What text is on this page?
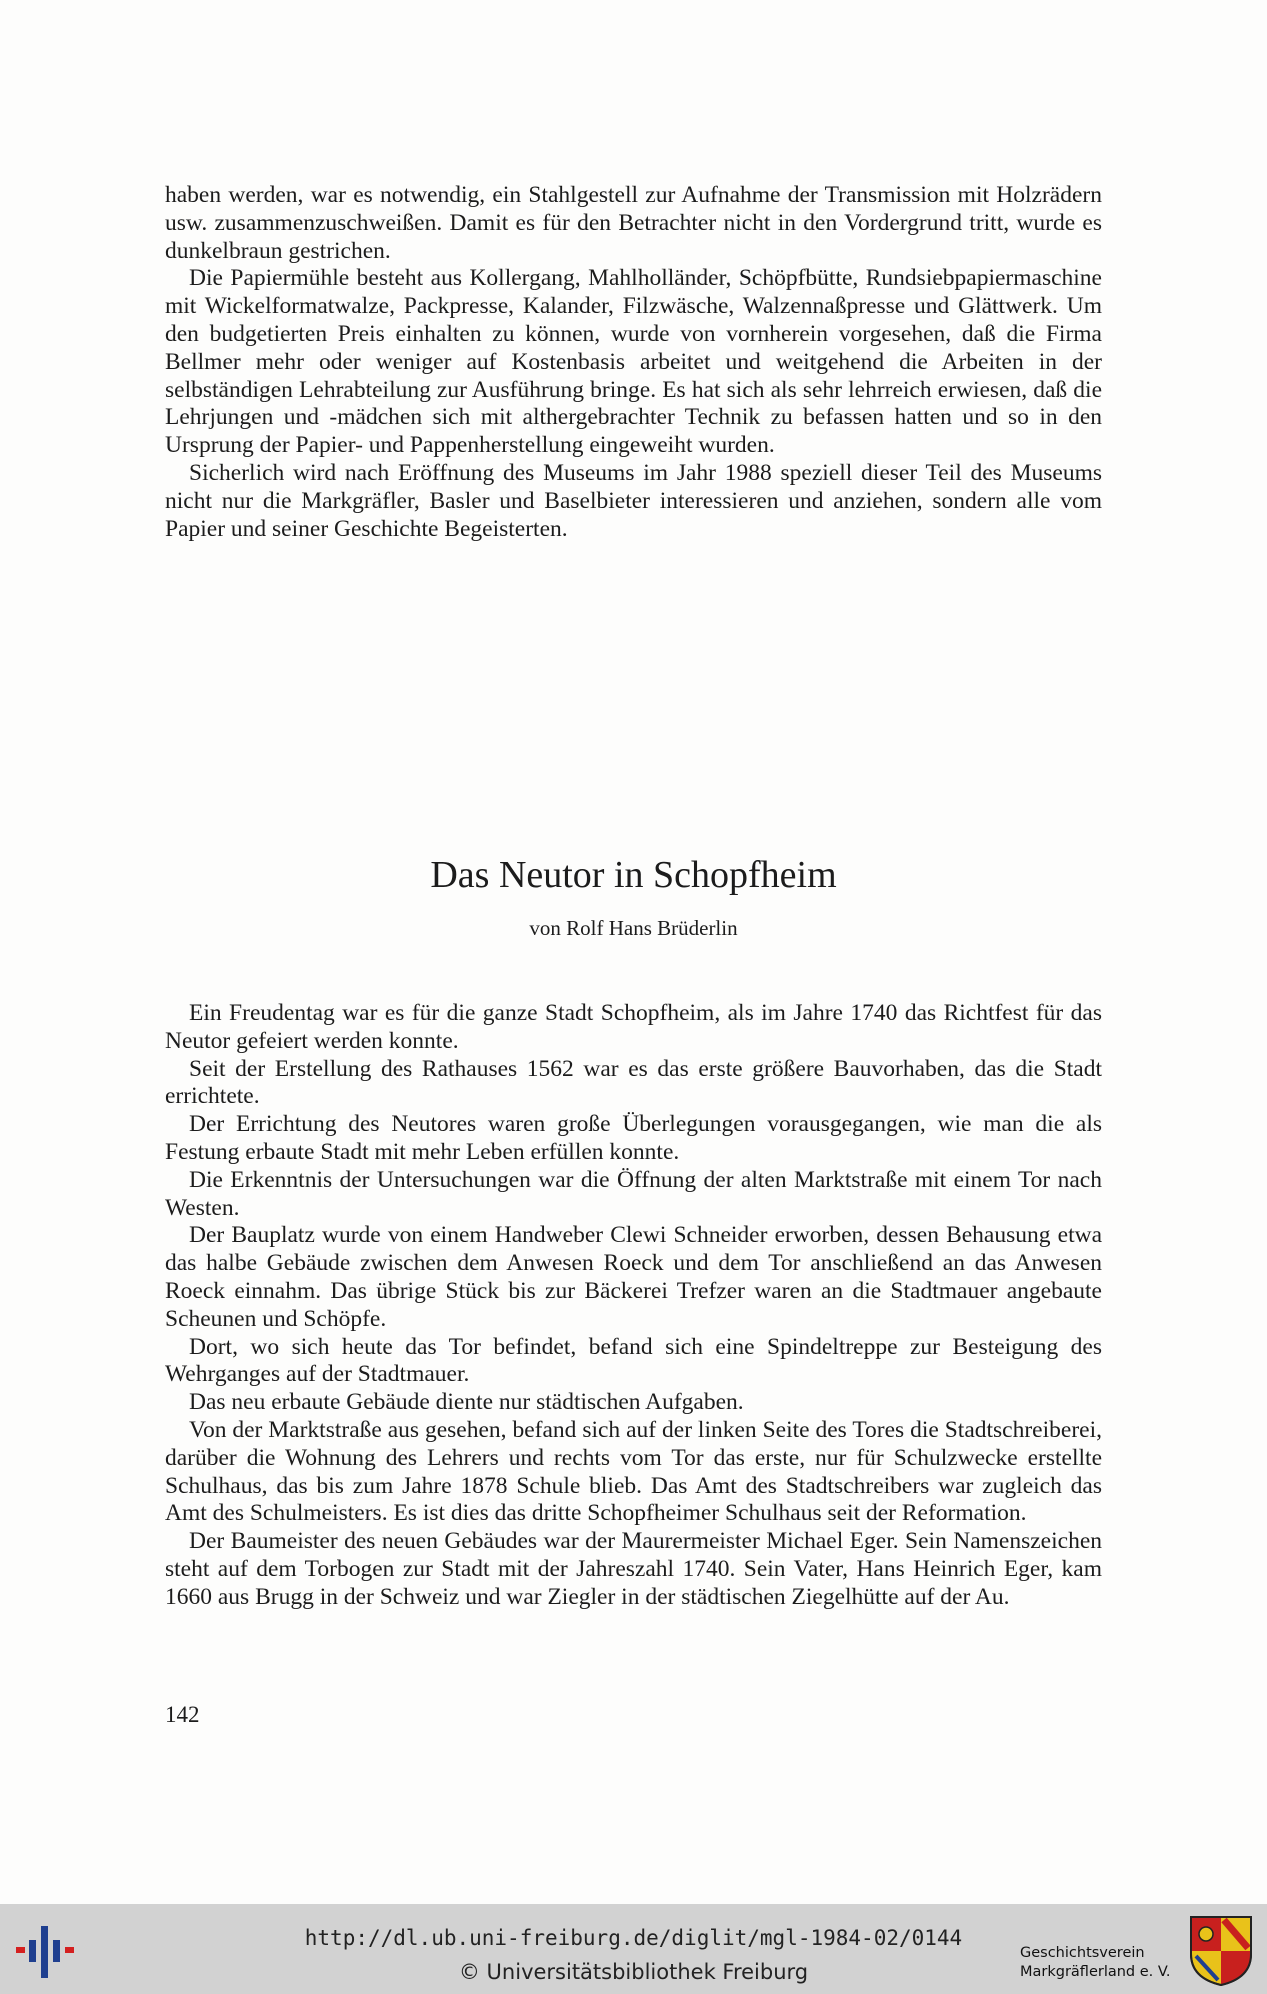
haben werden, war es notwendig, ein Stahlgestell zur Aufnahme der Transmission mit Holzrädern usw. zusammenzuschweißen. Damit es für den Betrachter nicht in den Vordergrund tritt, wurde es dunkelbraun gestrichen.

Die Papiermühle besteht aus Kollergang, Mahlholländer, Schöpfbütte, Rundsiebpapiermaschine mit Wickelformatwalze, Packpresse, Kalander, Filzwäsche, Walzennaßpresse und Glättwerk. Um den budgetierten Preis einhalten zu können, wurde von vornherein vorgesehen, daß die Firma Bellmer mehr oder weniger auf Kostenbasis arbeitet und weitgehend die Arbeiten in der selbständigen Lehrabteilung zur Ausführung bringe. Es hat sich als sehr lehrreich erwiesen, daß die Lehrjungen und -mädchen sich mit althergebrachter Technik zu befassen hatten und so in den Ursprung der Papier- und Pappenherstellung eingeweiht wurden.

Sicherlich wird nach Eröffnung des Museums im Jahr 1988 speziell dieser Teil des Museums nicht nur die Markgräfler, Basler und Baselbieter interessieren und anziehen, sondern alle vom Papier und seiner Geschichte Begeisterten.

Das Neutor in Schopfheim
von Rolf Hans Brüderlin

Ein Freudentag war es für die ganze Stadt Schopfheim, als im Jahre 1740 das Richtfest für das Neutor gefeiert werden konnte.

Seit der Erstellung des Rathauses 1562 war es das erste größere Bauvorhaben, das die Stadt errichtete.

Der Errichtung des Neutores waren große Überlegungen vorausgegangen, wie man die als Festung erbaute Stadt mit mehr Leben erfüllen konnte.

Die Erkenntnis der Untersuchungen war die Öffnung der alten Marktstraße mit einem Tor nach Westen.

Der Bauplatz wurde von einem Handweber Clewi Schneider erworben, dessen Behausung etwa das halbe Gebäude zwischen dem Anwesen Roeck und dem Tor anschließend an das Anwesen Roeck einnahm. Das übrige Stück bis zur Bäckerei Trefzer waren an die Stadtmauer angebaute Scheunen und Schöpfe.

Dort, wo sich heute das Tor befindet, befand sich eine Spindeltreppe zur Besteigung des Wehrganges auf der Stadtmauer.

Das neu erbaute Gebäude diente nur städtischen Aufgaben.

Von der Marktstraße aus gesehen, befand sich auf der linken Seite des Tores die Stadtschreiberei, darüber die Wohnung des Lehrers und rechts vom Tor das erste, nur für Schulzwecke erstellte Schulhaus, das bis zum Jahre 1878 Schule blieb. Das Amt des Stadtschreibers war zugleich das Amt des Schulmeisters. Es ist dies das dritte Schopfheimer Schulhaus seit der Reformation.

Der Baumeister des neuen Gebäudes war der Maurermeister Michael Eger. Sein Namenszeichen steht auf dem Torbogen zur Stadt mit der Jahreszahl 1740. Sein Vater, Hans Heinrich Eger, kam 1660 aus Brugg in der Schweiz und war Ziegler in der städtischen Ziegelhütte auf der Au.

142
http://dl.ub.uni-freiburg.de/diglit/mgl-1984-02/0144
© Universitätsbibliothek Freiburg
Geschichtsverein
Markgräflerland e. V.
